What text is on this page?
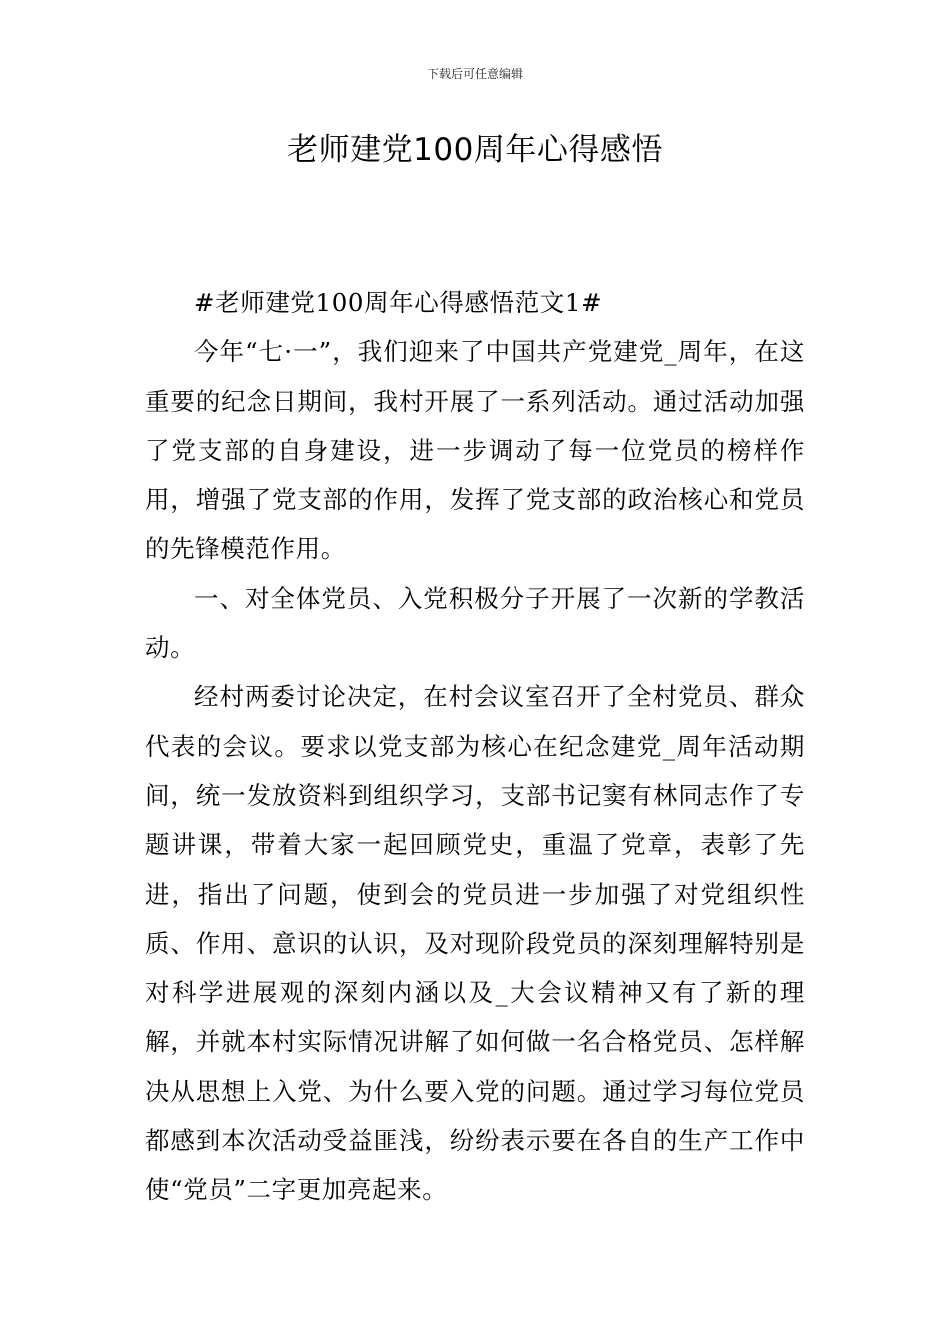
下载后可任意编辑
老师建党100周年心得感悟

#老师建党100周年心得感悟范文1#

今年“七·一”，我们迎来了中国共产党建党_周年，在这重要的纪念日期间，我村开展了一系列活动。通过活动加强了党支部的自身建设，进一步调动了每一位党员的榜样作用，增强了党支部的作用，发挥了党支部的政治核心和党员的先锋模范作用。

一、对全体党员、入党积极分子开展了一次新的学教活动。

经村两委讨论决定，在村会议室召开了全村党员、群众代表的会议。要求以党支部为核心在纪念建党_周年活动期间，统一发放资料到组织学习，支部书记窦有林同志作了专题讲课，带着大家一起回顾党史，重温了党章，表彰了先进，指出了问题，使到会的党员进一步加强了对党组织性质、作用、意识的认识，及对现阶段党员的深刻理解特别是对科学进展观的深刻内涵以及_大会议精神又有了新的理解，并就本村实际情况讲解了如何做一名合格党员、怎样解决从思想上入党、为什么要入党的问题。通过学习每位党员都感到本次活动受益匪浅，纷纷表示要在各自的生产工作中使“党员”二字更加亮起来。
